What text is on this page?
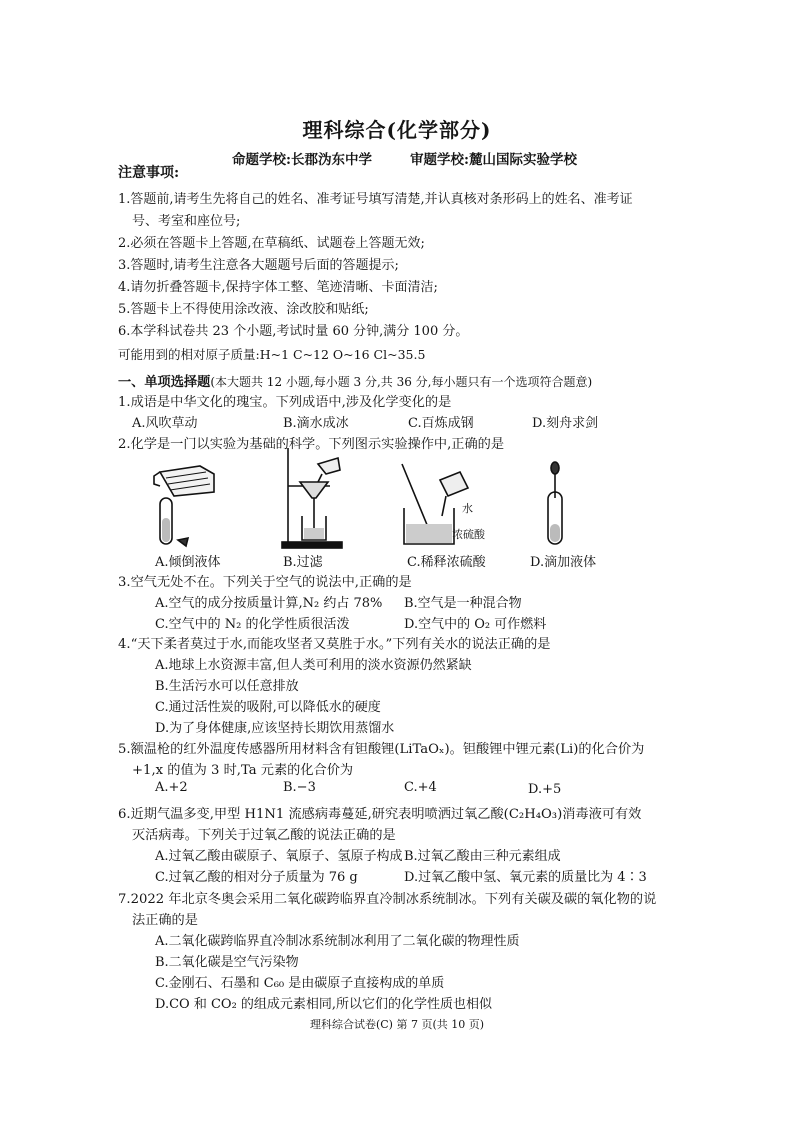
理科综合(化学部分)
命题学校:长郡沩东中学	审题学校:麓山国际实验学校
注意事项:
1.答题前,请考生先将自己的姓名、准考证号填写清楚,并认真核对条形码上的姓名、准考证
号、考室和座位号;
2.必须在答题卡上答题,在草稿纸、试题卷上答题无效;
3.答题时,请考生注意各大题题号后面的答题提示;
4.请勿折叠答题卡,保持字体工整、笔迹清晰、卡面清洁;
5.答题卡上不得使用涂改液、涂改胶和贴纸;
6.本学科试卷共 23 个小题,考试时量 60 分钟,满分 100 分。
可能用到的相对原子质量:H~1 C~12 O~16 Cl~35.5
一、单项选择题(本大题共 12 小题,每小题 3 分,共 36 分,每小题只有一个选项符合题意)
1.成语是中华文化的瑰宝。下列成语中,涉及化学变化的是
A.风吹草动	B.滴水成冰	C.百炼成钢	D.刻舟求剑
2.化学是一门以实验为基础的科学。下列图示实验操作中,正确的是
水
浓硫酸
A.倾倒液体	B.过滤	C.稀释浓硫酸	D.滴加液体
3.空气无处不在。下列关于空气的说法中,正确的是
A.空气的成分按质量计算,N₂ 约占 78% B.空气是一种混合物
C.空气中的 N₂ 的化学性质很活泼	D.空气中的 O₂ 可作燃料
4.“天下柔者莫过于水,而能攻坚者又莫胜于水。”下列有关水的说法正确的是
A.地球上水资源丰富,但人类可利用的淡水资源仍然紧缺
B.生活污水可以任意排放
C.通过活性炭的吸附,可以降低水的硬度
D.为了身体健康,应该坚持长期饮用蒸馏水
5.额温枪的红外温度传感器所用材料含有钽酸锂(LiTaOₓ)。钽酸锂中锂元素(Li)的化合价为
+1,x 的值为 3 时,Ta 元素的化合价为
A.+2	B.−3	C.+4	D.+5
6.近期气温多变,甲型 H1N1 流感病毒蔓延,研究表明喷洒过氧乙酸(C₂H₄O₃)消毒液可有效
灭活病毒。下列关于过氧乙酸的说法正确的是
A.过氧乙酸由碳原子、氧原子、氢原子构成 B.过氧乙酸由三种元素组成
C.过氧乙酸的相对分子质量为 76 g	D.过氧乙酸中氢、氧元素的质量比为 4∶3
7.2022 年北京冬奥会采用二氧化碳跨临界直冷制冰系统制冰。下列有关碳及碳的氧化物的说
法正确的是
A.二氧化碳跨临界直冷制冰系统制冰利用了二氧化碳的物理性质
B.二氧化碳是空气污染物
C.金刚石、石墨和 C₆₀ 是由碳原子直接构成的单质
D.CO 和 CO₂ 的组成元素相同,所以它们的化学性质也相似
理科综合试卷(C) 第 7 页(共 10 页)
